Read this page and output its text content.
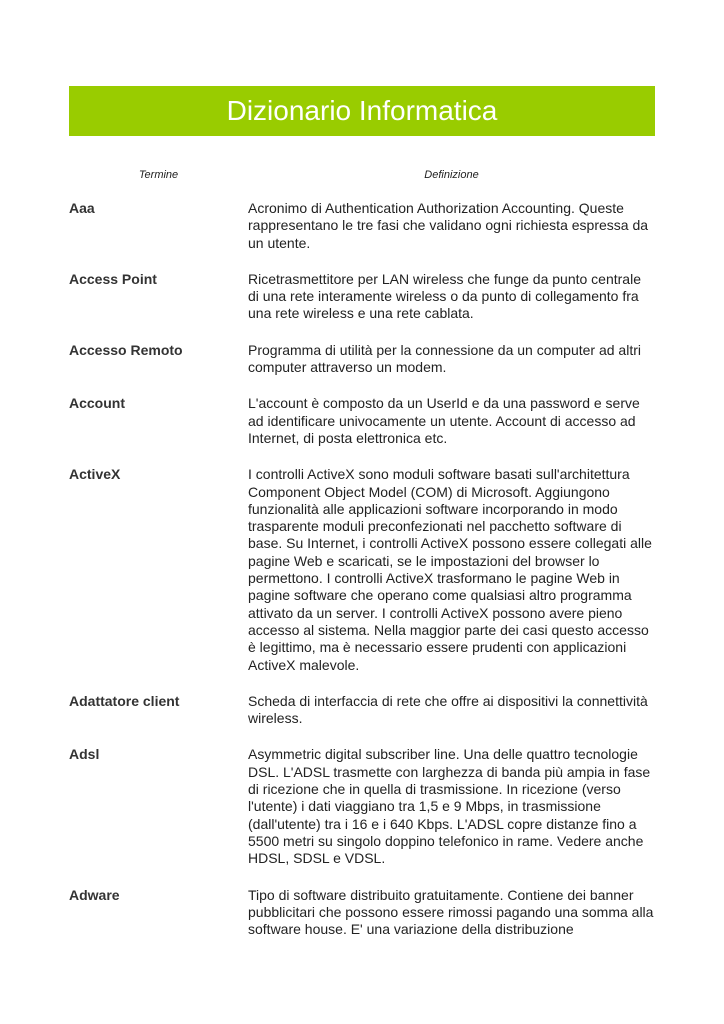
Dizionario Informatica
Termine	Definizione
Aaa	Acronimo di Authentication Authorization Accounting. Queste rappresentano le tre fasi che validano ogni richiesta espressa da un utente.
Access Point	Ricetrasmettitore per LAN wireless che funge da punto centrale di una rete interamente wireless o da punto di collegamento fra una rete wireless e una rete cablata.
Accesso Remoto	Programma di utilità per la connessione da un computer ad altri computer attraverso un modem.
Account	L'account è composto da un UserId e da una password e serve ad identificare univocamente un utente. Account di accesso ad Internet, di posta elettronica etc.
ActiveX	I controlli ActiveX sono moduli software basati sull'architettura Component Object Model (COM) di Microsoft. Aggiungono funzionalità alle applicazioni software incorporando in modo trasparente moduli preconfezionati nel pacchetto software di base. Su Internet, i controlli ActiveX possono essere collegati alle pagine Web e scaricati, se le impostazioni del browser lo permettono. I controlli ActiveX trasformano le pagine Web in pagine software che operano come qualsiasi altro programma attivato da un server. I controlli ActiveX possono avere pieno accesso al sistema. Nella maggior parte dei casi questo accesso è legittimo, ma è necessario essere prudenti con applicazioni ActiveX malevole.
Adattatore client	Scheda di interfaccia di rete che offre ai dispositivi la connettività wireless.
Adsl	Asymmetric digital subscriber line. Una delle quattro tecnologie DSL. L'ADSL trasmette con larghezza di banda più ampia in fase di ricezione che in quella di trasmissione. In ricezione (verso l'utente) i dati viaggiano tra 1,5 e 9 Mbps, in trasmissione (dall'utente) tra i 16 e i 640 Kbps. L'ADSL copre distanze fino a 5500 metri su singolo doppino telefonico in rame. Vedere anche HDSL, SDSL e VDSL.
Adware	Tipo di software distribuito gratuitamente. Contiene dei banner pubblicitari che possono essere rimossi pagando una somma alla software house. E' una variazione della distribuzione
